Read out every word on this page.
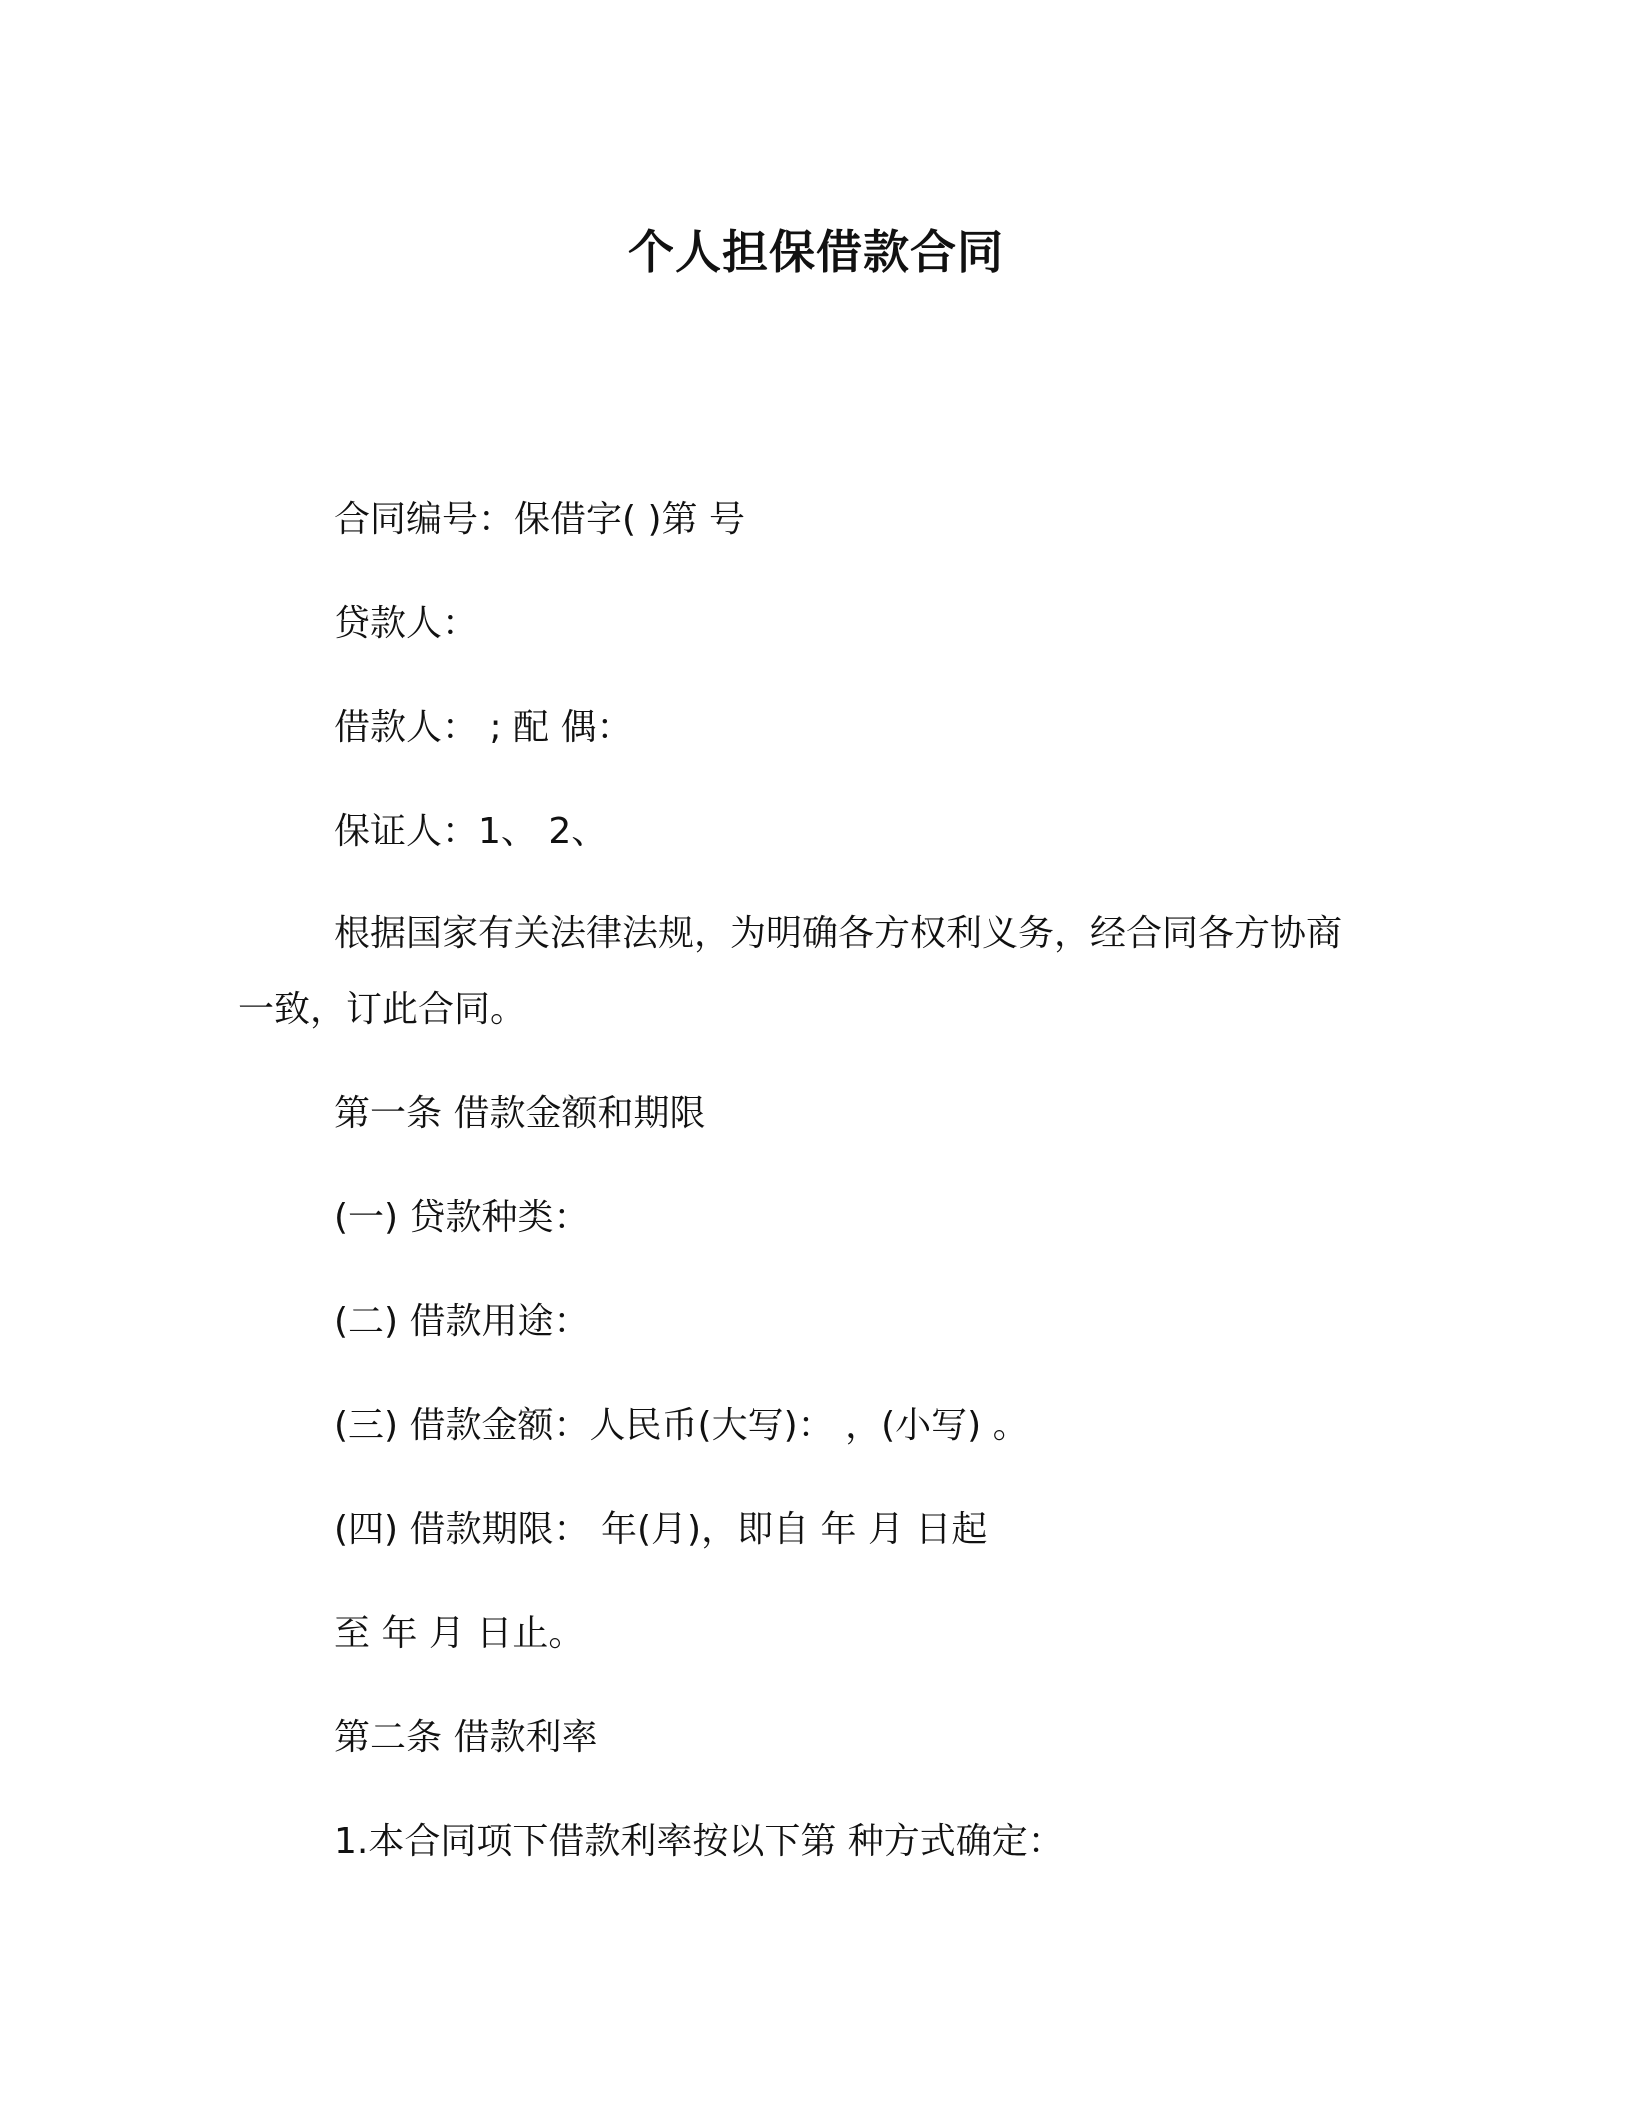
个人担保借款合同
合同编号：保借字( )第 号
贷款人：
借款人： ; 配 偶：
保证人：1、 2、
根据国家有关法律法规，为明确各方权利义务，经合同各方协商
一致，订此合同。
第一条 借款金额和期限
(一) 贷款种类：
(二) 借款用途：
(三) 借款金额：人民币(大写)： ，(小写) 。
(四) 借款期限： 年(月)，即自 年 月 日起
至 年 月 日止。
第二条 借款利率
1.本合同项下借款利率按以下第 种方式确定：
